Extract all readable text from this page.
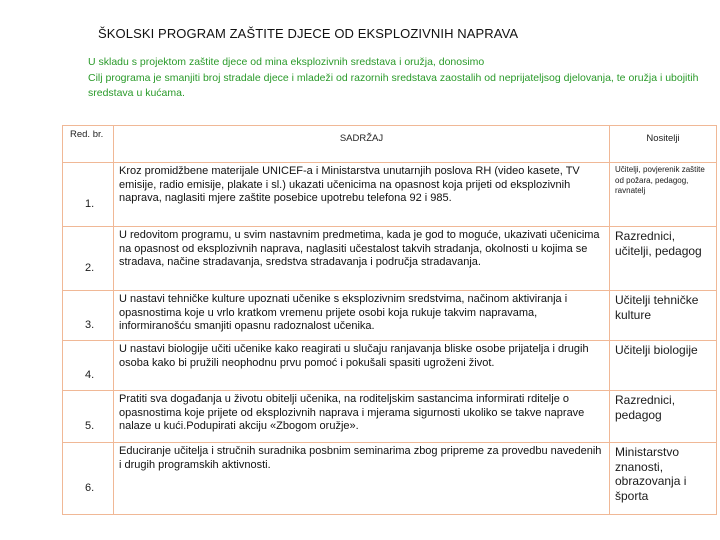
ŠKOLSKI PROGRAM ZAŠTITE DJECE OD EKSPLOZIVNIH NAPRAVA

U skladu s projektom zaštite djece od mina eksplozivnih sredstava i oružja, donosimo

Cilj programa je smanjiti broj stradale djece i mladeži od razornih sredstava zaostalih od neprijateljsog djelovanja, te oružja i ubojitih sredstava u kućama.

Red. br.	SADRŽAJ	Nositelji
1.	Kroz promidžbene materijale UNICEF-a i Ministarstva unutarnjih poslova RH (video kasete, TV emisije, radio emisije, plakate i sl.) ukazati učenicima na opasnost koja prijeti od eksplozivnih naprava, naglasiti mjere zaštite posebice upotrebu telefona 92 i 985.	Učitelji, povjerenik zaštite od požara, pedagog, ravnatelj
2.	U redovitom programu, u svim nastavnim predmetima, kada je god to moguće, ukazivati učenicima na opasnost od eksplozivnih naprava, naglasiti učestalost takvih stradanja, okolnosti u kojima se stradava, načine stradavanja, sredstva stradavanja i područja stradavanja.	Razrednici, učitelji, pedagog
3.	U nastavi tehničke kulture upoznati učenike s eksplozivnim sredstvima, načinom aktiviranja i opasnostima koje u vrlo kratkom vremenu prijete osobi koja rukuje takvim napravama, informiranošću smanjiti opasnu radoznalost učenika.	Učitelji tehničke kulture
4.	U nastavi biologije učiti učenike kako reagirati u slučaju ranjavanja bliske osobe prijatelja i drugih osoba kako bi pružili neophodnu prvu pomoć i pokušali spasiti ugroženi život.	Učitelji biologije
5.	Pratiti sva događanja u životu obitelji učenika, na roditeljskim sastancima informirati rditelje o opasnostima koje prijete od eksplozivnih naprava i mjerama sigurnosti ukoliko se takve naprave nalaze u kući.Podupirati akciju «Zbogom oružje».	Razrednici, pedagog
6.	Educiranje učitelja i stručnih suradnika posbnim seminarima zbog pripreme za provedbu navedenih i drugih programskih aktivnosti.	Ministarstvo znanosti, obrazovanja i športa
